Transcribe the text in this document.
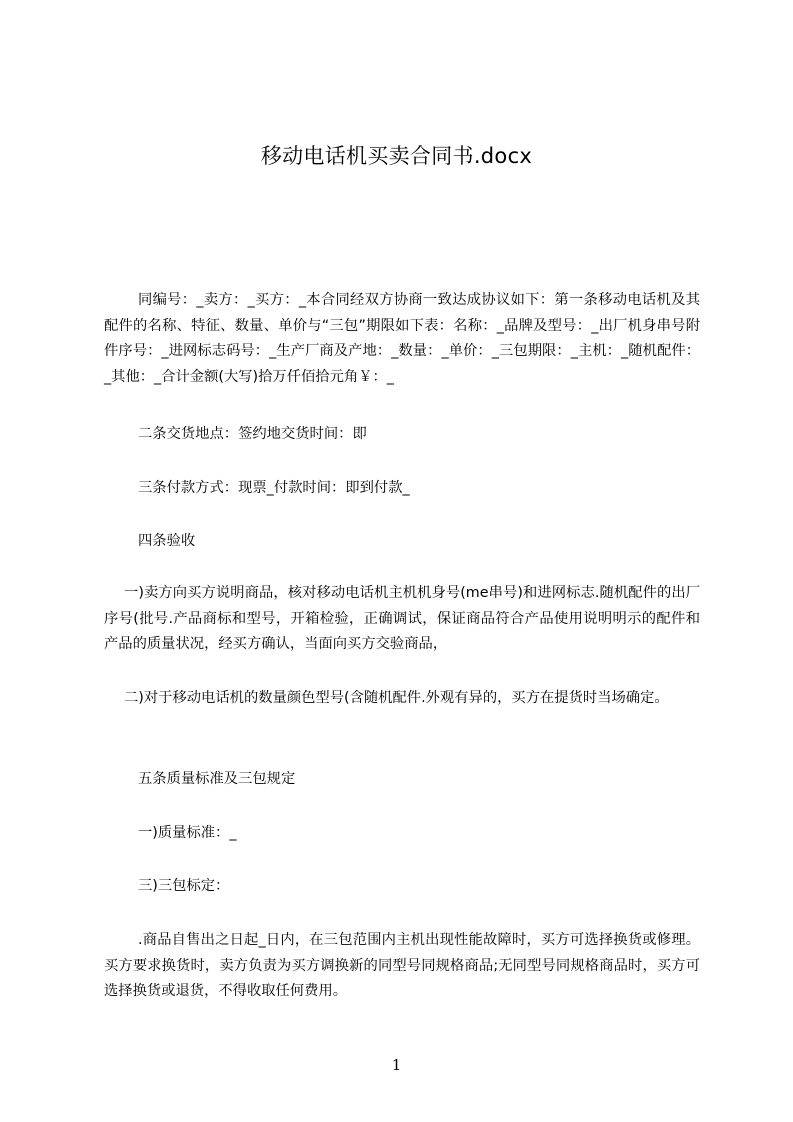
移动电话机买卖合同书.docx
同编号：_卖方：_买方：_本合同经双方协商一致达成协议如下：第一条移动电话机及其配件的名称、特征、数量、单价与“三包”期限如下表：名称：_品牌及型号：_出厂机身串号附件序号：_进网标志码号：_生产厂商及产地：_数量：_单价：_三包期限：_主机：_随机配件：_其他：_合计金额(大写)拾万仟佰拾元角￥：_
二条交货地点：签约地交货时间：即
三条付款方式：现票_付款时间：即到付款_
四条验收
一)卖方向买方说明商品，核对移动电话机主机机身号(me串号)和进网标志.随机配件的出厂序号(批号.产品商标和型号，开箱检验，正确调试，保证商品符合产品使用说明明示的配件和产品的质量状况，经买方确认，当面向买方交验商品，
二)对于移动电话机的数量颜色型号(含随机配件.外观有异的，买方在提货时当场确定。
五条质量标准及三包规定
一)质量标准：_
三)三包标定：
.商品自售出之日起_日内，在三包范围内主机出现性能故障时，买方可选择换货或修理。买方要求换货时，卖方负责为买方调换新的同型号同规格商品;无同型号同规格商品时，买方可选择换货或退货，不得收取任何费用。
1
